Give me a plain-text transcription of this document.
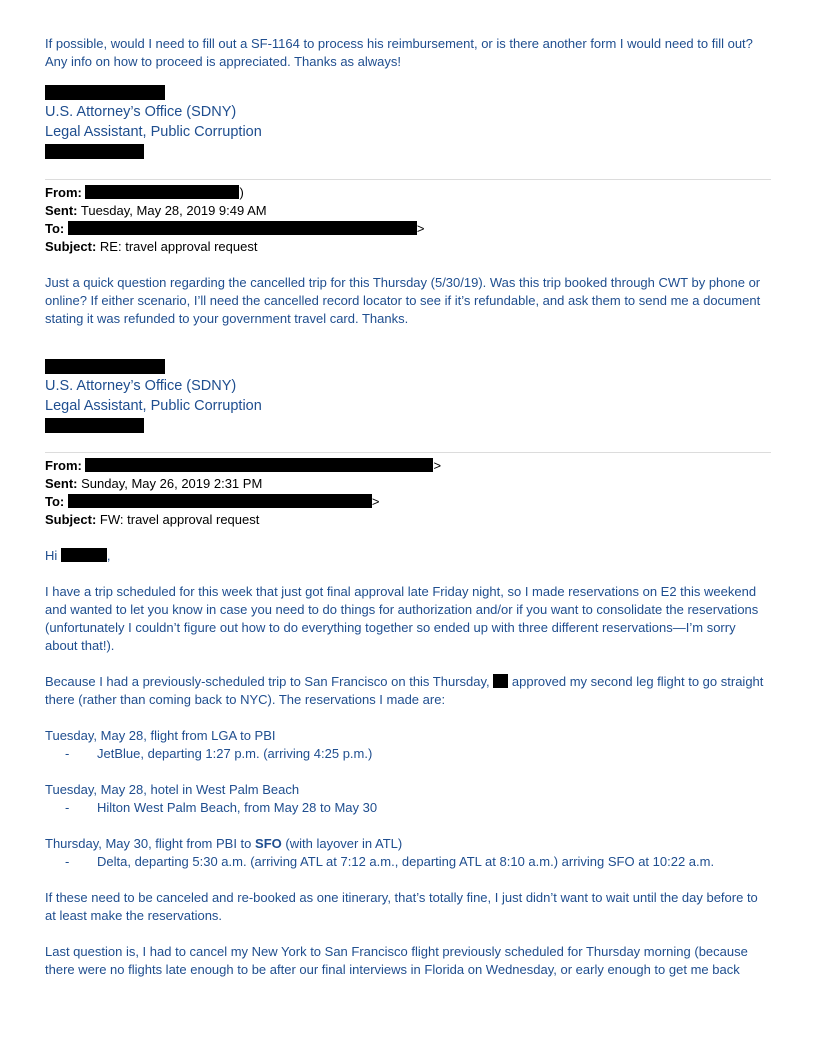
If possible, would I need to fill out a SF-1164 to process his reimbursement, or is there another form I would need to fill out? Any info on how to proceed is appreciated. Thanks as always!

U.S. Attorney’s Office (SDNY)
Legal Assistant, Public Corruption
From:	)
Sent: Tuesday, May 28, 2019 9:49 AM
To:	>
Subject: RE: travel approval request

Just a quick question regarding the cancelled trip for this Thursday (5/30/19). Was this trip booked through CWT by phone or online? If either scenario, I’ll need the cancelled record locator to see if it’s refundable, and ask them to send me a document stating it was refunded to your government travel card. Thanks.

U.S. Attorney’s Office (SDNY)
Legal Assistant, Public Corruption
From:	>
Sent: Sunday, May 26, 2019 2:31 PM
To:	>
Subject: FW: travel approval request

Hi	,

I have a trip scheduled for this week that just got final approval late Friday night, so I made reservations on E2 this weekend and wanted to let you know in case you need to do things for authorization and/or if you want to consolidate the reservations (unfortunately I couldn’t figure out how to do everything together so ended up with three different reservations—I’m sorry about that!).

Because I had a previously-scheduled trip to San Francisco on this Thursday, approved my second leg flight to go straight there (rather than coming back to NYC). The reservations I made are:

Tuesday, May 28, flight from LGA to PBI
- JetBlue, departing 1:27 p.m. (arriving 4:25 p.m.)
Tuesday, May 28, hotel in West Palm Beach
- Hilton West Palm Beach, from May 28 to May 30
Thursday, May 30, flight from PBI to SFO (with layover in ATL)
- Delta, departing 5:30 a.m. (arriving ATL at 7:12 a.m., departing ATL at 8:10 a.m.) arriving SFO at 10:22 a.m.

If these need to be canceled and re-booked as one itinerary, that’s totally fine, I just didn’t want to wait until the day before to at least make the reservations.

Last question is, I had to cancel my New York to San Francisco flight previously scheduled for Thursday morning (because there were no flights late enough to be after our final interviews in Florida on Wednesday, or early enough to get me back
